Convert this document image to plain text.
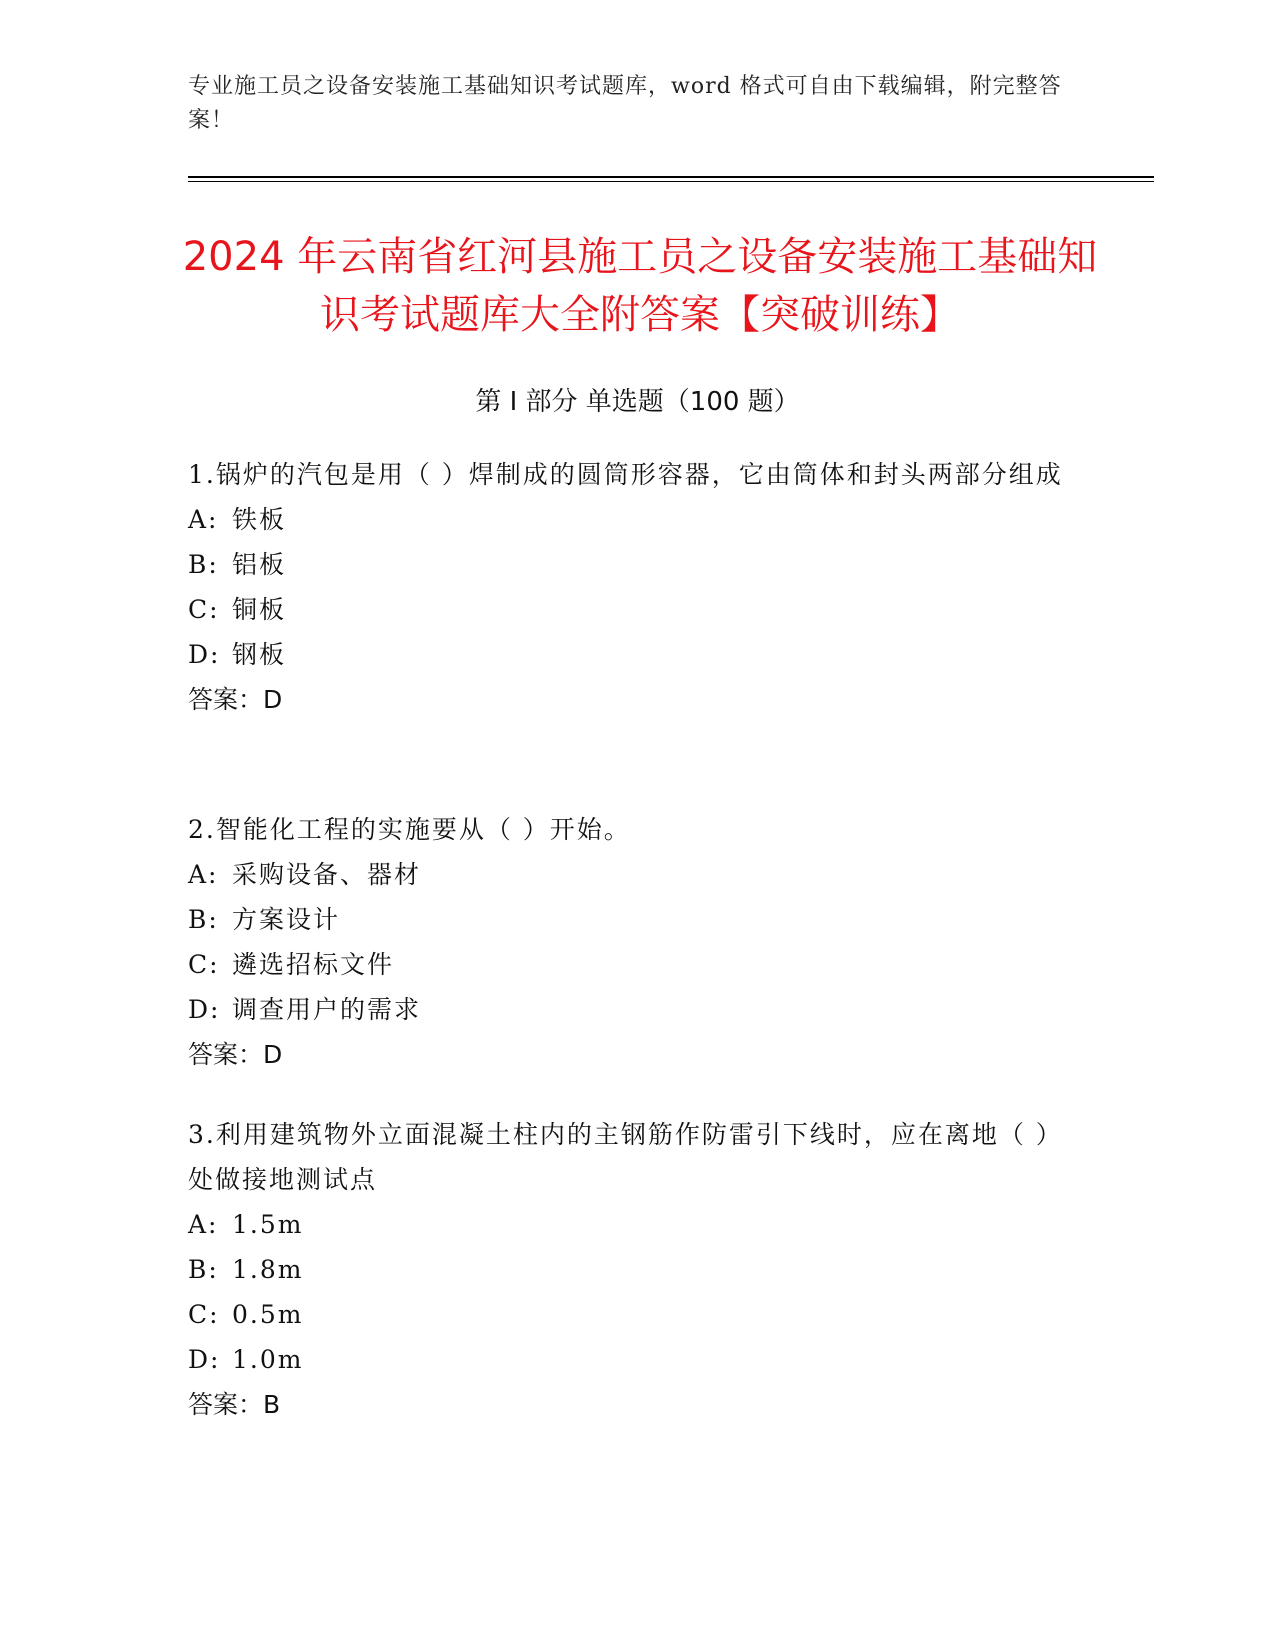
专业施工员之设备安装施工基础知识考试题库，word 格式可自由下载编辑，附完整答案！
2024 年云南省红河县施工员之设备安装施工基础知识考试题库大全附答案【突破训练】
第 I 部分 单选题（100 题）

1.锅炉的汽包是用（ ）焊制成的圆筒形容器，它由筒体和封头两部分组成

A: 铁板

B: 铝板

C: 铜板

D: 钢板

答案：D

2.智能化工程的实施要从（ ）开始。

A: 采购设备、器材

B: 方案设计

C: 遴选招标文件

D: 调查用户的需求

答案：D

3.利用建筑物外立面混凝土柱内的主钢筋作防雷引下线时，应在离地（ ）处做接地测试点

A: 1.5m

B: 1.8m

C: 0.5m

D: 1.0m

答案：B
